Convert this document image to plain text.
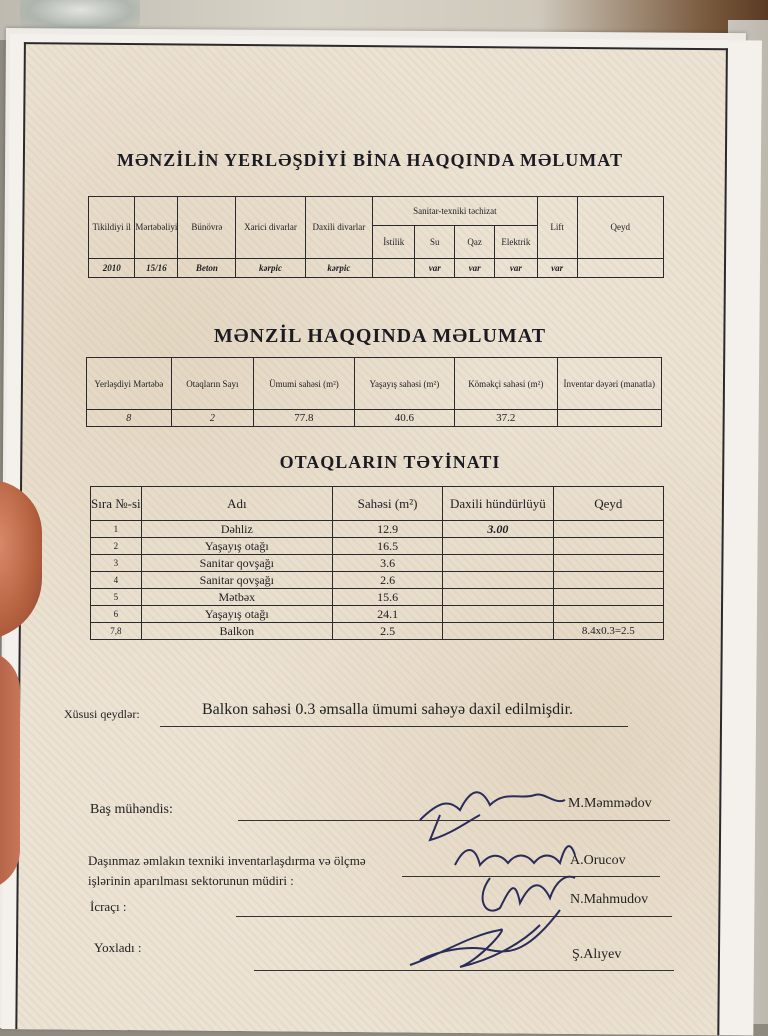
MƏNZİLİN YERLƏŞDİYİ BİNA HAQQINDA MƏLUMAT
Tikildiyi il	Mərtəbəliyi	Bünövrə	Xarici divarlar	Daxili divarlar	Sanitar-texniki təchizat				Lift	Qeyd
					İstilik	Su	Qaz	Elektrik		
2010	15/16	Beton	kərpic	kərpic		var	var	var	var	
MƏNZİL HAQQINDA MƏLUMAT
Yerləşdiyi Mərtəbə	Otaqların Sayı	Ümumi sahəsi (m²)	Yaşayış sahəsi (m²)	Köməkçi sahəsi (m²)	İnventar dəyəri (manatla)
8	2	77.8	40.6	37.2	
OTAQLARIN TƏYİNATI
Sıra №-si	Adı	Sahəsi (m²)	Daxili hündürlüyü	Qeyd
1	Dəhliz	12.9	3.00	
2	Yaşayış otağı	16.5		
3	Sanitar qovşağı	3.6		
4	Sanitar qovşağı	2.6		
5	Mətbəx	15.6		
6	Yaşayış otağı	24.1		
7,8	Balkon	2.5		8.4x0.3=2.5
Xüsusi qeydlər:	Balkon sahəsi 0.3 əmsalla ümumi sahəyə daxil edilmişdir.
Baş mühəndis:	M.Məmmədov
Daşınmaz əmlakın texniki inventarlaşdırma və ölçmə
işlərinin aparılması sektorunun müdiri :
A.Orucov
İcraçı :	N.Mahmudov
Yoxladı :	Ş.Alıyev
